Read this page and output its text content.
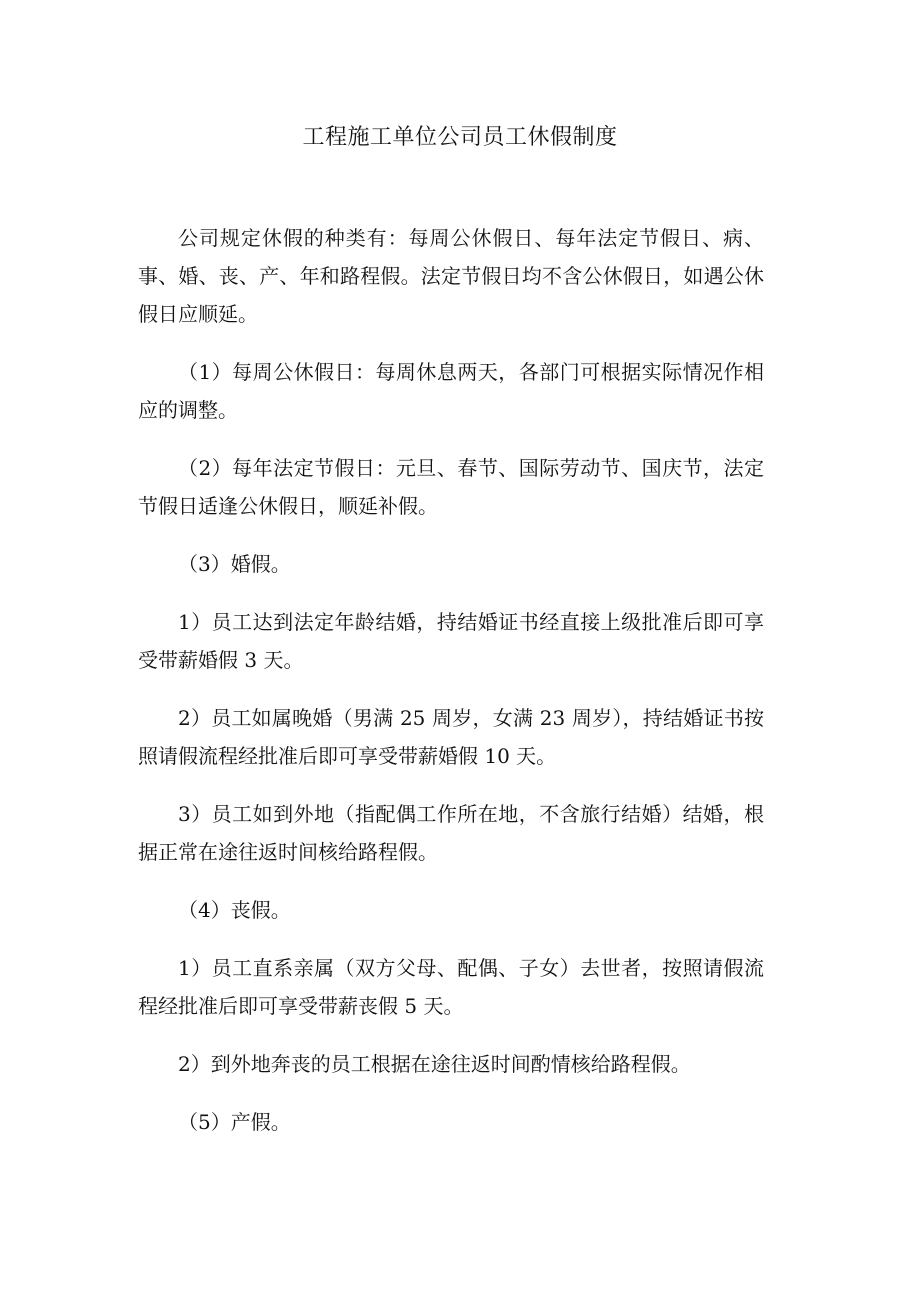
工程施工单位公司员工休假制度

公司规定休假的种类有：每周公休假日、每年法定节假日、病、事、婚、丧、产、年和路程假。法定节假日均不含公休假日，如遇公休假日应顺延。

（1）每周公休假日：每周休息两天，各部门可根据实际情况作相应的调整。

（2）每年法定节假日：元旦、春节、国际劳动节、国庆节，法定节假日适逢公休假日，顺延补假。

（3）婚假。

1）员工达到法定年龄结婚，持结婚证书经直接上级批准后即可享受带薪婚假 3 天。

2）员工如属晚婚（男满 25 周岁，女满 23 周岁），持结婚证书按照请假流程经批准后即可享受带薪婚假 10 天。

3）员工如到外地（指配偶工作所在地，不含旅行结婚）结婚，根据正常在途往返时间核给路程假。

（4）丧假。

1）员工直系亲属（双方父母、配偶、子女）去世者，按照请假流程经批准后即可享受带薪丧假 5 天。

2）到外地奔丧的员工根据在途往返时间酌情核给路程假。

（5）产假。
